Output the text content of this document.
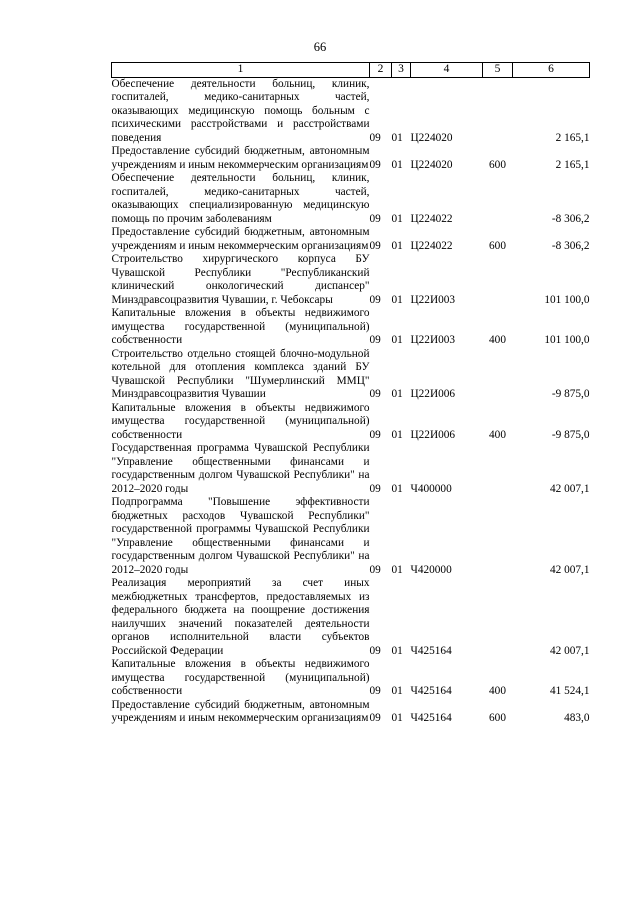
66
1	2	3	4	5	6
Обеспечение деятельности больниц, клиник, госпиталей, медико-санитарных частей, оказывающих медицинскую помощь больным с психическими расстройствами и расстройствами поведения	09	01	Ц224020		2 165,1
Предоставление субсидий бюджетным, автономным учреждениям и иным некоммерческим организациям	09	01	Ц224020	600	2 165,1
Обеспечение деятельности больниц, клиник, госпиталей, медико-санитарных частей, оказывающих специализированную медицинскую помощь по прочим заболеваниям	09	01	Ц224022		-8 306,2
Предоставление субсидий бюджетным, автономным учреждениям и иным некоммерческим организациям	09	01	Ц224022	600	-8 306,2
Строительство хирургического корпуса БУ Чувашской Республики "Республиканский клинический онкологический диспансер" Минздравсоцразвития Чувашии, г. Чебоксары	09	01	Ц22И003		101 100,0
Капитальные вложения в объекты недвижимого имущества государственной (муниципальной) собственности	09	01	Ц22И003	400	101 100,0
Строительство отдельно стоящей блочно-модульной котельной для отопления комплекса зданий БУ Чувашской Республики "Шумерлинский ММЦ" Минздравсоцразвития Чувашии	09	01	Ц22И006		-9 875,0
Капитальные вложения в объекты недвижимого имущества государственной (муниципальной) собственности	09	01	Ц22И006	400	-9 875,0
Государственная программа Чувашской Республики "Управление общественными финансами и государственным долгом Чувашской Республики" на 2012–2020 годы	09	01	Ч400000		42 007,1
Подпрограмма "Повышение эффективности бюджетных расходов Чувашской Республики" государственной программы Чувашской Республики "Управление общественными финансами и государственным долгом Чувашской Республики" на 2012–2020 годы	09	01	Ч420000		42 007,1
Реализация мероприятий за счет иных межбюджетных трансфертов, предоставляемых из федерального бюджета на поощрение достижения наилучших значений показателей деятельности органов исполнительной власти субъектов Российской Федерации	09	01	Ч425164		42 007,1
Капитальные вложения в объекты недвижимого имущества государственной (муниципальной) собственности	09	01	Ч425164	400	41 524,1
Предоставление субсидий бюджетным, автономным учреждениям и иным некоммерческим организациям	09	01	Ч425164	600	483,0
